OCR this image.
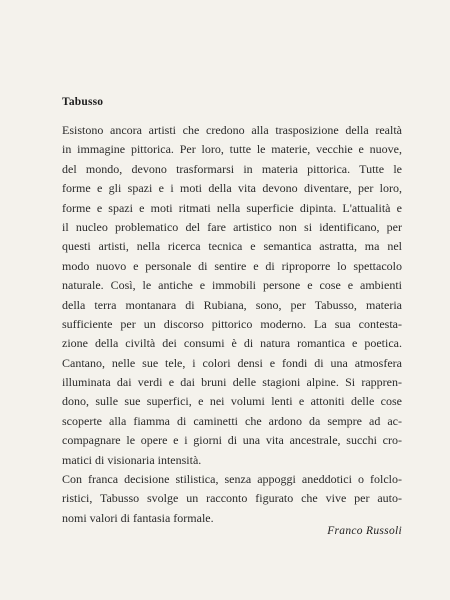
Tabusso
Esistono ancora artisti che credono alla trasposizione della realtà
in immagine pittorica. Per loro, tutte le materie, vecchie e nuove,
del mondo, devono trasformarsi in materia pittorica. Tutte le
forme e gli spazi e i moti della vita devono diventare, per loro,
forme e spazi e moti ritmati nella superficie dipinta. L'attualità e
il nucleo problematico del fare artistico non si identificano, per
questi artisti, nella ricerca tecnica e semantica astratta, ma nel
modo nuovo e personale di sentire e di riproporre lo spettacolo
naturale. Così, le antiche e immobili persone e cose e ambienti
della terra montanara di Rubiana, sono, per Tabusso, materia
sufficiente per un discorso pittorico moderno. La sua contesta-
zione della civiltà dei consumi è di natura romantica e poetica.
Cantano, nelle sue tele, i colori densi e fondi di una atmosfera
illuminata dai verdi e dai bruni delle stagioni alpine. Si rappren-
dono, sulle sue superfici, e nei volumi lenti e attoniti delle cose
scoperte alla fiamma di caminetti che ardono da sempre ad ac-
compagnare le opere e i giorni di una vita ancestrale, succhi cro-
matici di visionaria intensità.
Con franca decisione stilistica, senza appoggi aneddotici o folclo-
ristici, Tabusso svolge un racconto figurato che vive per auto-
nomi valori di fantasia formale.
Franco Russoli
